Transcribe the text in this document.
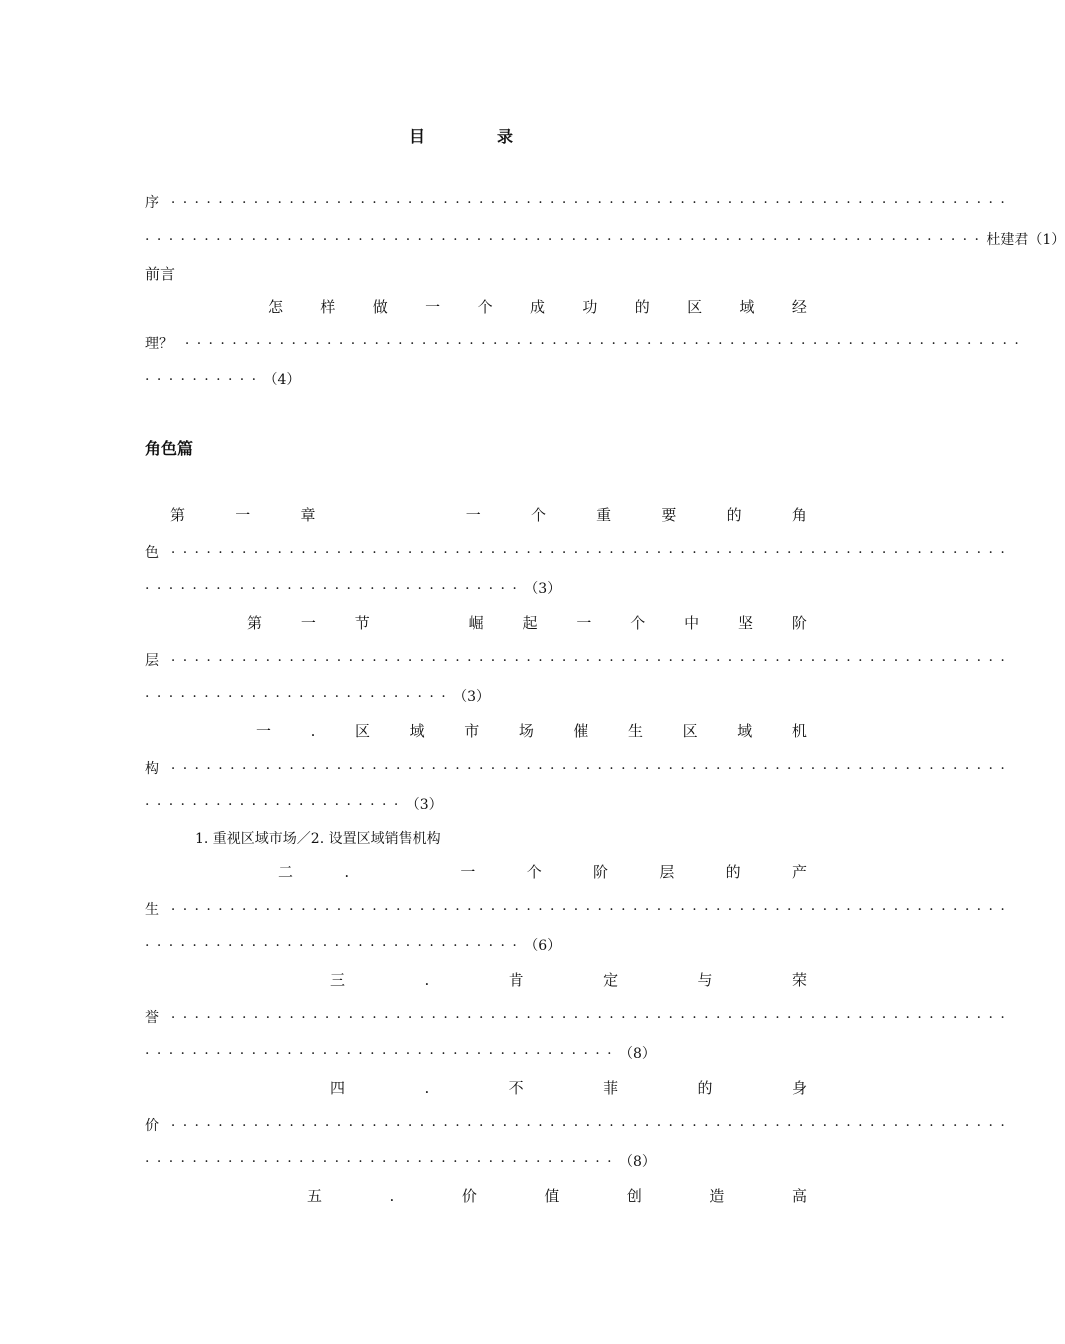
目　录
序 ·······································································
······································································· 杜建君（1）
前言
怎 样 做 一 个 成 功 的 区 域 经
理？ ·······································································
·········· （4）
角色篇
第	一	章	一	个	重	要	的	角
色 ·······································································
································ （3）
第	一	节	崛	起	一	个	中	坚	阶
层 ·······································································
·························· （3）
一	.	区	域	市	场	催	生	区	域	机
构 ·······································································
······················ （3）
1. 重视区域市场／2. 设置区域销售机构
二	.	一	个	阶	层	的	产
生 ·······································································
································ （6）
三	.	肯	定	与	荣
誉 ·······································································
········································ （8）
四	.	不	菲	的	身
价 ·······································································
········································ （8）
五	.	价	值	创	造	高
